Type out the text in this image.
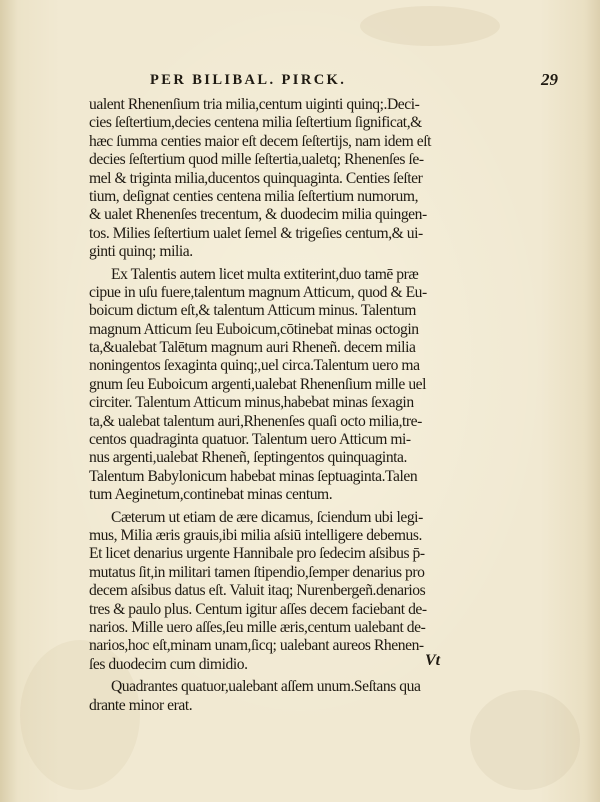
PER BILIBAL. PIRCK.	29
ualent Rhenenſium tria milia,centum uiginti quinq;.Deci-
cies ſeſtertium,decies centena milia ſeſtertium ſignificat,&
hæc ſumma centies maior eſt decem ſeſtertijs, nam idem eſt
decies ſeſtertium quod mille ſeſtertia,ualetq; Rhenenſes ſe-
mel & triginta milia,ducentos quinquaginta. Centies ſeſter
tium, deſignat centies centena milia ſeſtertium numorum,
& ualet Rhenenſes trecentum, & duodecim milia quingen-
tos. Milies ſeſtertium ualet ſemel & trigeſies centum,& ui-
ginti quinq; milia.
Ex Talentis autem licet multa extiterint,duo tamē præ
cipue in uſu fuere,talentum magnum Atticum, quod & Eu-
boicum dictum eſt,& talentum Atticum minus. Talentum
magnum Atticum ſeu Euboicum,cōtinebat minas octogin
ta,&ualebat Talētum magnum auri Rheneñ. decem milia
noningentos ſexaginta quinq;,uel circa.Talentum uero ma
gnum ſeu Euboicum argenti,ualebat Rhenenſium mille uel
circiter. Talentum Atticum minus,habebat minas ſexagin
ta,& ualebat talentum auri,Rhenenſes quaſi octo milia,tre-
centos quadraginta quatuor. Talentum uero Atticum mi-
nus argenti,ualebat Rheneñ, ſeptingentos quinquaginta.
Talentum Babylonicum habebat minas ſeptuaginta.Talen
tum Aeginetum,continebat minas centum.
Cæterum ut etiam de ære dicamus, ſciendum ubi legi-
mus, Milia æris grauis,ibi milia aſsiū intelligere debemus.
Et licet denarius urgente Hannibale pro ſedecim aſsibus p̄-
mutatus ſit,in militari tamen ſtipendio,ſemper denarius pro
decem aſsibus datus eſt. Valuit itaq; Nurenbergeñ.denarios
tres & paulo plus. Centum igitur aſſes decem faciebant de-
narios. Mille uero aſſes,ſeu mille æris,centum ualebant de-
narios,hoc eſt,minam unam,ſicq; ualebant aureos Rhenen-
ſes duodecim cum dimidio.
Quadrantes quatuor,ualebant aſſem unum.Seſtans qua
drante minor erat.
Vt
